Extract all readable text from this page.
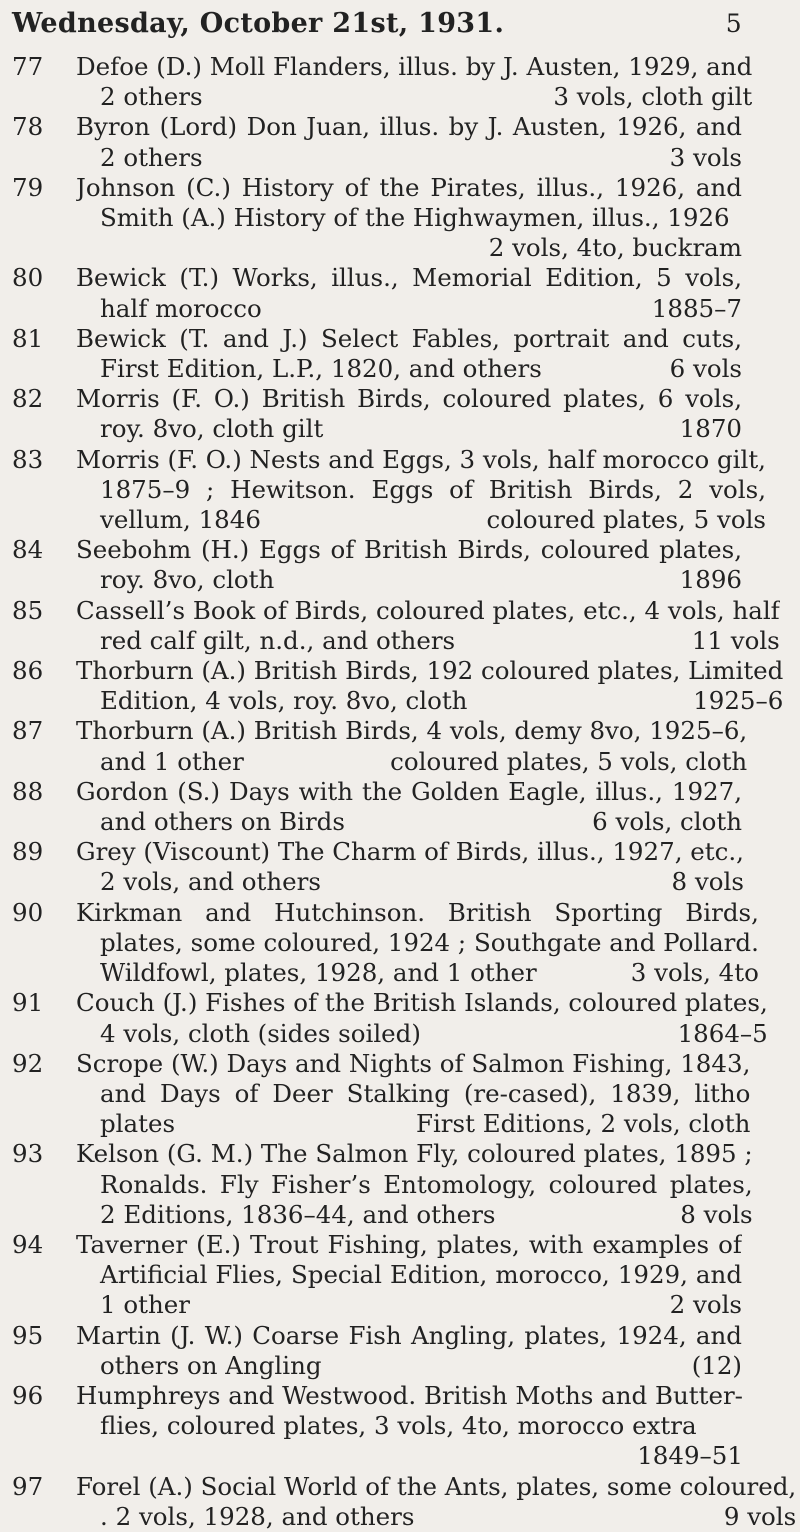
Wednesday, October 21st, 1931.	5
77	Defoe (D.) Moll Flanders, illus. by J. Austen, 1929, and
2 others	3 vols, cloth gilt
78	Byron (Lord) Don Juan, illus. by J. Austen, 1926, and
2 others	3 vols
79	Johnson (C.) History of the Pirates, illus., 1926, and
Smith (A.) History of the Highwaymen, illus., 1926
2 vols, 4to, buckram
80	Bewick (T.) Works, illus., Memorial Edition, 5 vols,
half morocco	1885–7
81	Bewick (T. and J.) Select Fables, portrait and cuts,
First Edition, L.P., 1820, and others	6 vols
82	Morris (F. O.) British Birds, coloured plates, 6 vols,
roy. 8vo, cloth gilt	1870
83	Morris (F. O.) Nests and Eggs, 3 vols, half morocco gilt,
1875–9 ; Hewitson. Eggs of British Birds, 2 vols,
vellum, 1846	coloured plates, 5 vols
84	Seebohm (H.) Eggs of British Birds, coloured plates,
roy. 8vo, cloth	1896
85	Cassell’s Book of Birds, coloured plates, etc., 4 vols, half
red calf gilt, n.d., and others	11 vols
86	Thorburn (A.) British Birds, 192 coloured plates, Limited
Edition, 4 vols, roy. 8vo, cloth	1925–6
87	Thorburn (A.) British Birds, 4 vols, demy 8vo, 1925–6,
and 1 other	coloured plates, 5 vols, cloth
88	Gordon (S.) Days with the Golden Eagle, illus., 1927,
and others on Birds	6 vols, cloth
89	Grey (Viscount) The Charm of Birds, illus., 1927, etc.,
2 vols, and others	8 vols
90	Kirkman and Hutchinson. British Sporting Birds,
plates, some coloured, 1924 ; Southgate and Pollard.
Wildfowl, plates, 1928, and 1 other	3 vols, 4to
91	Couch (J.) Fishes of the British Islands, coloured plates,
4 vols, cloth (sides soiled)	1864–5
92	Scrope (W.) Days and Nights of Salmon Fishing, 1843,
and Days of Deer Stalking (re-cased), 1839, litho
plates	First Editions, 2 vols, cloth
93	Kelson (G. M.) The Salmon Fly, coloured plates, 1895 ;
Ronalds. Fly Fisher’s Entomology, coloured plates,
2 Editions, 1836–44, and others	8 vols
94	Taverner (E.) Trout Fishing, plates, with examples of
Artificial Flies, Special Edition, morocco, 1929, and
1 other	2 vols
95	Martin (J. W.) Coarse Fish Angling, plates, 1924, and
others on Angling	(12)
96	Humphreys and Westwood. British Moths and Butter-
flies, coloured plates, 3 vols, 4to, morocco extra
1849–51
97	Forel (A.) Social World of the Ants, plates, some coloured,
. 2 vols, 1928, and others	9 vols
